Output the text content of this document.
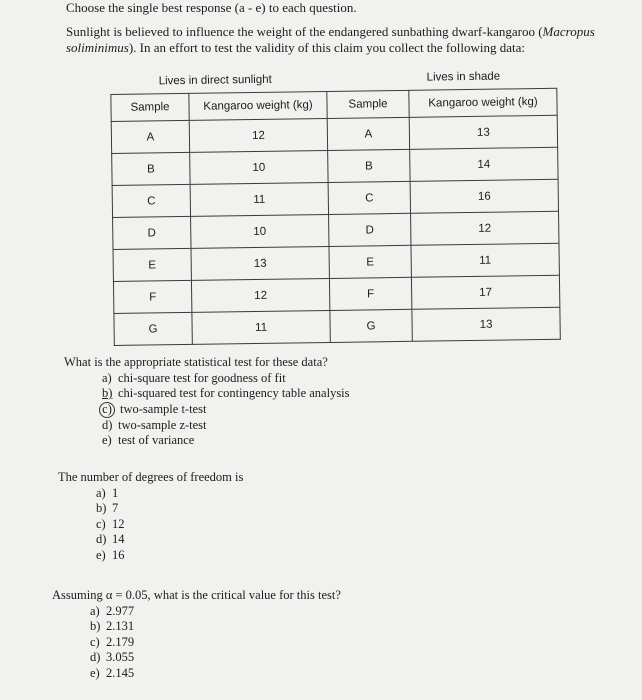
Choose the single best response (a - e) to each question.

Sunlight is believed to influence the weight of the endangered sunbathing dwarf-kangaroo (Macropus soliminimus). In an effort to test the validity of this claim you collect the following data:

Lives in direct sunlight		Lives in shade	
Sample	Kangaroo weight (kg)	Sample	Kangaroo weight (kg)
A	12	A	13
B	10	B	14
C	11	C	16
D	10	D	12
E	13	E	11
F	12	F	17
G	11	G	13

What is the appropriate statistical test for these data?

a) chi-square test for goodness of fit
b) chi-squared test for contingency table analysis
c) two-sample t-test
d) two-sample z-test
e) test of variance

The number of degrees of freedom is

a) 1
b) 7
c) 12
d) 14
e) 16

Assuming α = 0.05, what is the critical value for this test?

a) 2.977
b) 2.131
c) 2.179
d) 3.055
e) 2.145
